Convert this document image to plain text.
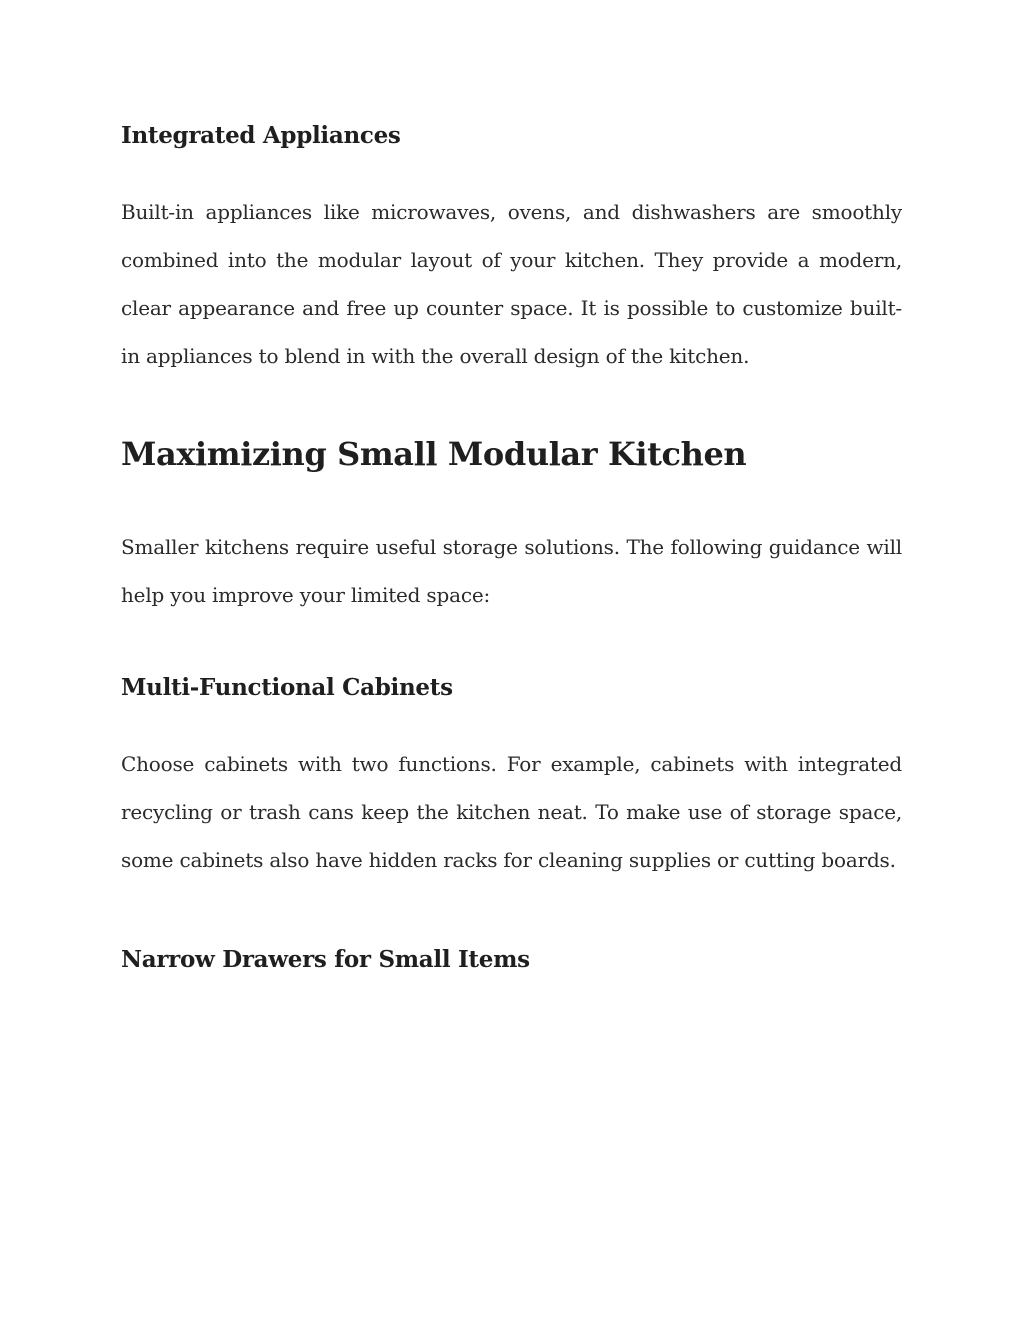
Integrated Appliances

Built-in appliances like microwaves, ovens, and dishwashers are smoothly combined into the modular layout of your kitchen. They provide a modern, clear appearance and free up counter space. It is possible to customize built-in appliances to blend in with the overall design of the kitchen.

Maximizing Small Modular Kitchen

Smaller kitchens require useful storage solutions. The following guidance will help you improve your limited space:

Multi-Functional Cabinets

Choose cabinets with two functions. For example, cabinets with integrated recycling or trash cans keep the kitchen neat. To make use of storage space, some cabinets also have hidden racks for cleaning supplies or cutting boards.

Narrow Drawers for Small Items
